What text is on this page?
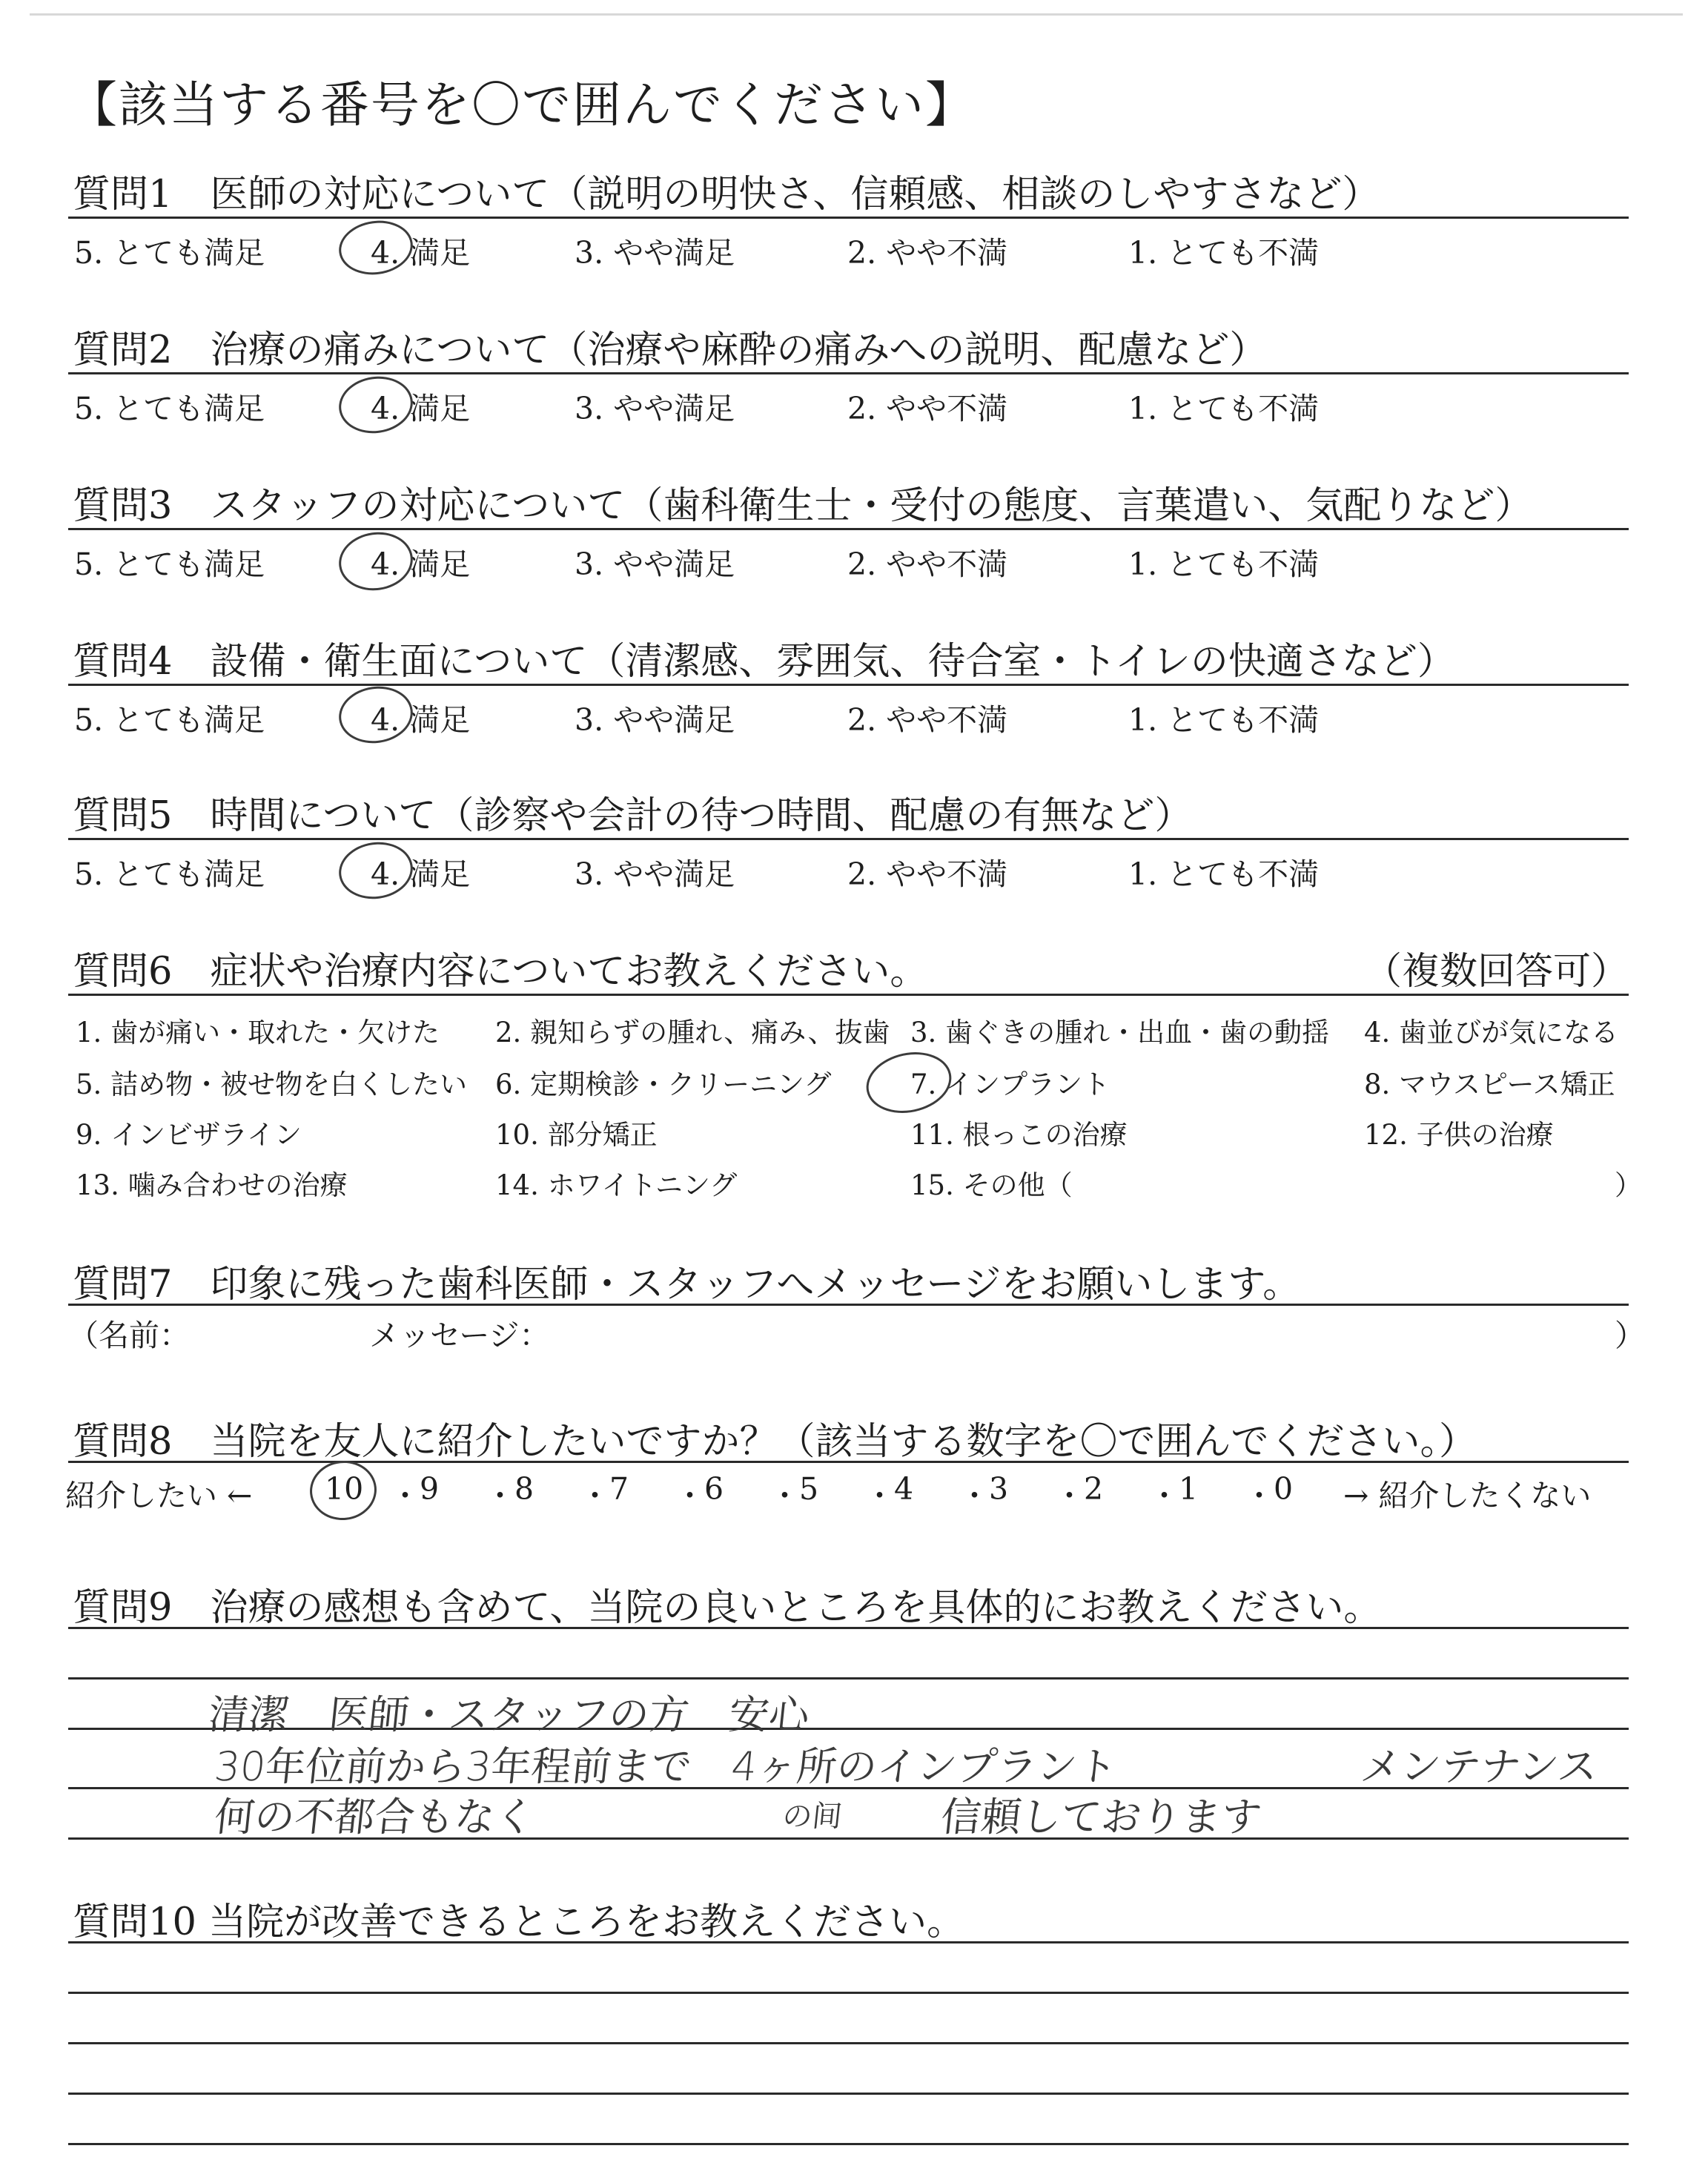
【該当する番号を〇で囲んでください】
質問1　医師の対応について（説明の明快さ、信頼感、相談のしやすさなど）
5. とても満足	4. 満足	3. やや満足	2. やや不満	1. とても不満
質問2　治療の痛みについて（治療や麻酔の痛みへの説明、配慮など）
5. とても満足	4. 満足	3. やや満足	2. やや不満	1. とても不満
質問3　スタッフの対応について（歯科衛生士・受付の態度、言葉遣い、気配りなど）
5. とても満足	4. 満足	3. やや満足	2. やや不満	1. とても不満
質問4　設備・衛生面について（清潔感、雰囲気、待合室・トイレの快適さなど）
5. とても満足	4. 満足	3. やや満足	2. やや不満	1. とても不満
質問5　時間について（診察や会計の待つ時間、配慮の有無など）
5. とても満足	4. 満足	3. やや満足	2. やや不満	1. とても不満
質問6　症状や治療内容についてお教えください。	（複数回答可）
1. 歯が痛い・取れた・欠けた 2. 親知らずの腫れ、痛み、抜歯 3. 歯ぐきの腫れ・出血・歯の動揺 4. 歯並びが気になる
5. 詰め物・被せ物を白くしたい 6. 定期検診・クリーニング	7. インプラント	8. マウスピース矯正
9. インビザライン	10. 部分矯正	11. 根っこの治療	12. 子供の治療
13. 噛み合わせの治療	14. ホワイトニング	15. その他（	）
質問7　印象に残った歯科医師・スタッフへメッセージをお願いします。
（名前：	メッセージ：	）
質問8　当院を友人に紹介したいですか？（該当する数字を〇で囲んでください。）
紹介したい ←	→ 紹介したくない
10 ・ 9 ・ 8 ・ 7 ・ 6 ・ 5 ・ 4 ・ 3 ・ 2 ・ 1 ・ 0
質問9　治療の感想も含めて、当院の良いところを具体的にお教えください。
清潔　医師・スタッフの方　安心
30年位前から3年程前まで　4ヶ所のインプラント	メンテナンス
何の不都合もなく	の间 信頼しております
質問10 当院が改善できるところをお教えください。
